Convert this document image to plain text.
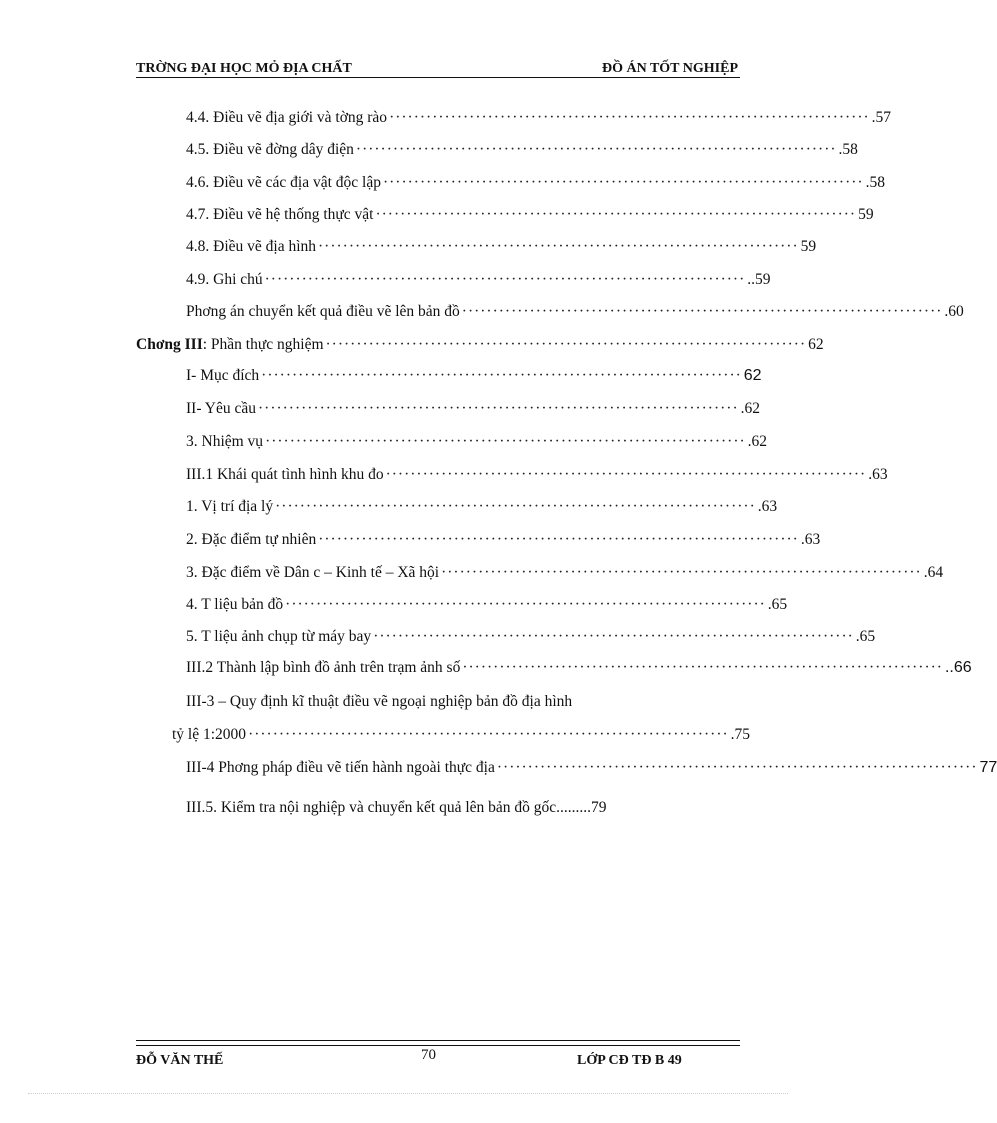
TRỜNG ĐẠI HỌC MỎ ĐỊA CHẤT	ĐỒ ÁN TỐT NGHIỆP
4.4. Điều vẽ địa giới và tờng rào ·············································································· .57
4.5. Điều vẽ đờng dây điện ·············································································· .58
4.6. Điều vẽ các địa vật độc lập ·············································································· .58
4.7. Điều vẽ hệ thống thực vật ·············································································· 59
4.8. Điều vẽ địa hình ·············································································· 59
4.9. Ghi chú ·············································································· ..59
Phơng án chuyển kết quả điều vẽ lên bản đồ ·············································································· .60
Chơng III: Phần thực nghiệm ·············································································· 62
I- Mục đích ·············································································· 62
II- Yêu cầu ·············································································· .62
3. Nhiệm vụ ·············································································· .62
III.1 Khái quát tình hình khu đo ·············································································· .63
1. Vị trí địa lý ·············································································· .63
2. Đặc điểm tự nhiên ·············································································· .63
3. Đặc điểm về Dân c – Kinh tế – Xã hội ·············································································· .64
4. T liệu bản đồ ·············································································· .65
5. T liệu ảnh chụp từ máy bay ·············································································· .65
III.2 Thành lập bình đồ ảnh trên trạm ảnh số ·············································································· ..66
III-3 – Quy định kĩ thuật điều vẽ ngoại nghiệp bản đồ địa hình
tỷ lệ 1:2000 ·············································································· .75
III-4 Phơng pháp điều vẽ tiến hành ngoài thực địa ·············································································· 77
III.5. Kiểm tra nội nghiệp và chuyển kết quả lên bản đồ gốc .........79
ĐỖ VĂN THẾ	70	LỚP CĐ TĐ B 49
